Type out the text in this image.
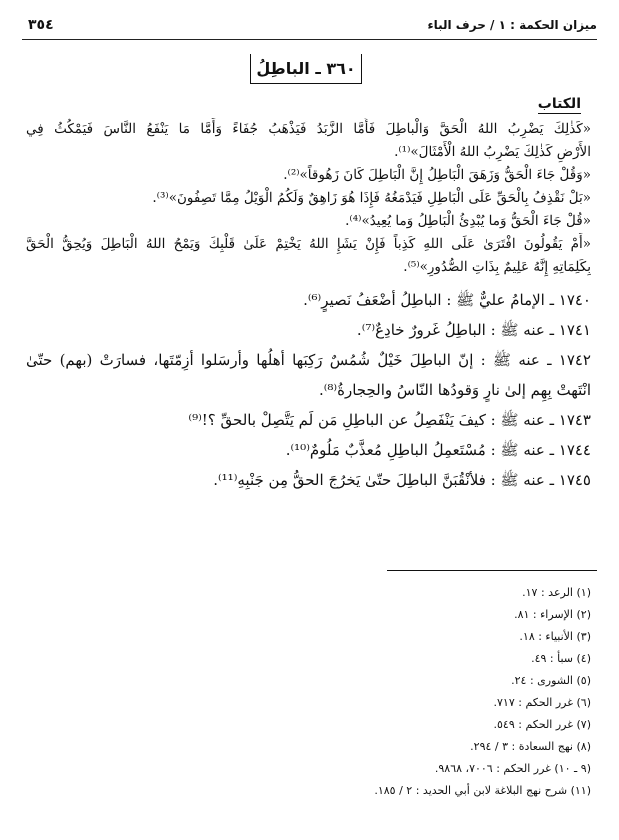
ميزان الحكمة : ١ / حرف الباء
٣٥٤
٣٦٠ ـ الباطِلُ
الكتاب
«كَذٰلِكَ يَضْرِبُ اللهُ الْحَقَّ وَالْباطِلَ فَأَمَّا الزَّبَدُ فَيَذْهَبُ جُفَاءً وَأَمَّا مَا يَنْفَعُ النَّاسَ فَيَمْكُثُ فِي
الأَرْضِ كَذٰلِكَ يَضْرِبُ اللهُ الْأَمْثَالَ»⁽¹⁾.
«وَقُلْ جَاءَ الْحَقُّ وَزَهَقَ الْبَاطِلُ إِنَّ الْبَاطِلَ كَانَ زَهُوقاً»⁽²⁾.
«بَلْ نَقْذِفُ بِالْحَقِّ عَلَى الْبَاطِلِ فَيَدْمَغُهُ فَإِذَا هُوَ زَاهِقٌ وَلَكُمُ الْوَيْلُ مِمَّا تَصِفُونَ»⁽³⁾.
«قُلْ جَاءَ الْحَقُّ وَما يُبْدِئُ الْبَاطِلُ وَما يُعِيدُ»⁽⁴⁾.
«أَمْ يَقُولُونَ افْتَرَىٰ عَلَى اللهِ كَذِباً فَإِنْ يَشَإِ اللهُ يَخْتِمْ عَلَىٰ قَلْبِكَ وَيَمْحُ اللهُ الْبَاطِلَ وَيُحِقُّ الْحَقَّ
بِكَلِمَاتِهِ إِنَّهُ عَلِيمٌ بِذَاتِ الصُّدُورِ»⁽⁵⁾.
١٧٤٠ ـ الإمامُ عليٌّ ﷺ : الباطِلُ أضْعَفُ نَصيرٍ⁽⁶⁾.
١٧٤١ ـ عنه ﷺ : الباطِلُ غَرورٌ خادِعٌ⁽⁷⁾.
١٧٤٢ ـ عنه ﷺ : إنّ الباطِلَ خَيْلٌ شُمُسٌ رَكِبَها أهلُها وأرسَلوا أزِمّتَها، فسارَتْ (بهم) حتّىٰ
انْتَهتْ بِهِم إلىٰ نارٍ وَقودُها النّاسُ والحِجارةُ⁽⁸⁾.
١٧٤٣ ـ عنه ﷺ : كيفَ يَنْفَصِلُ عن الباطِلِ مَن لَم يَتَّصِلْ بالحقِّ ؟!⁽⁹⁾
١٧٤٤ ـ عنه ﷺ : مُسْتَعمِلُ الباطِلِ مُعذَّبٌ مَلُومٌ⁽¹⁰⁾.
١٧٤٥ ـ عنه ﷺ : فلأنْقُبَنَّ الباطِلَ حتّىٰ يَخرُجَ الحقُّ مِن جَنْبِهِ⁽¹¹⁾.
(١) الرعد : ١٧.
(٢) الإسراء : ٨١.
(٣) الأنبياء : ١٨.
(٤) سبأ : ٤٩.
(٥) الشورى : ٢٤.
(٦) غرر الحكم : ٧١٧.
(٧) غرر الحكم : ٥٤٩.
(٨) نهج السعادة : ٣ / ٢٩٤.
(٩ ـ ١٠) غرر الحكم : ٧٠٠٦، ٩٨٦٨.
(١١) شرح نهج البلاغة لابن أبي الحديد : ٢ / ١٨٥.
